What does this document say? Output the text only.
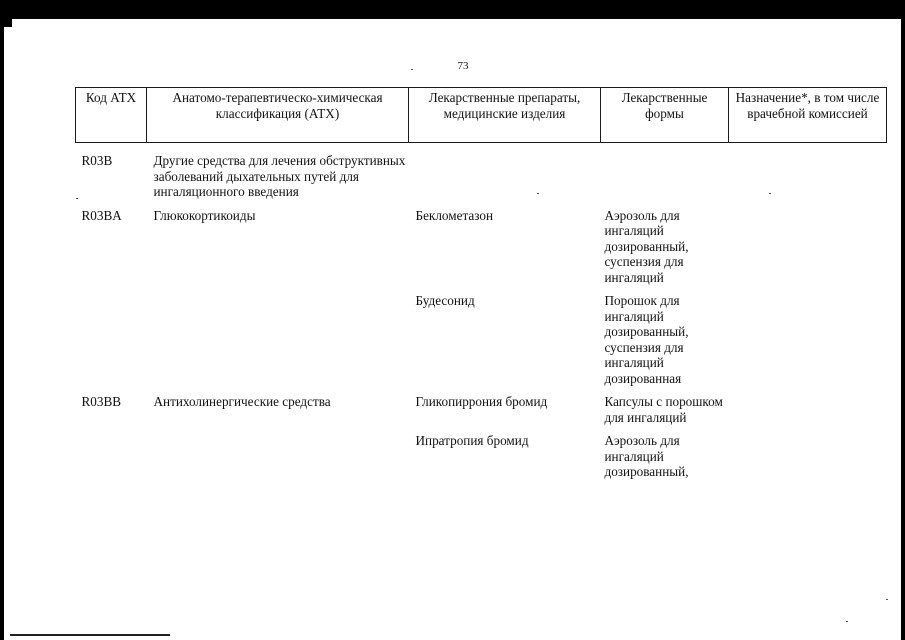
73
Код АТХ	Анатомо-терапевтическо-химическая классификация (АТХ)	Лекарственные препараты, медицинские изделия	Лекарственные формы	Назначение*, в том числе врачебной комиссией
R03B	Другие средства для лечения обструктивных заболеваний дыхательных путей для ингаляционного введения			
R03BA	Глюкокортикоиды	Беклометазон	Аэрозоль для ингаляций дозированный, суспензия для ингаляций	
		Будесонид	Порошок для ингаляций дозированный, суспензия для ингаляций дозированная	
R03BB	Антихолинергические средства	Гликопиррония бромид	Капсулы с порошком для ингаляций	
		Ипратропия бромид	Аэрозоль для ингаляций дозированный,	
